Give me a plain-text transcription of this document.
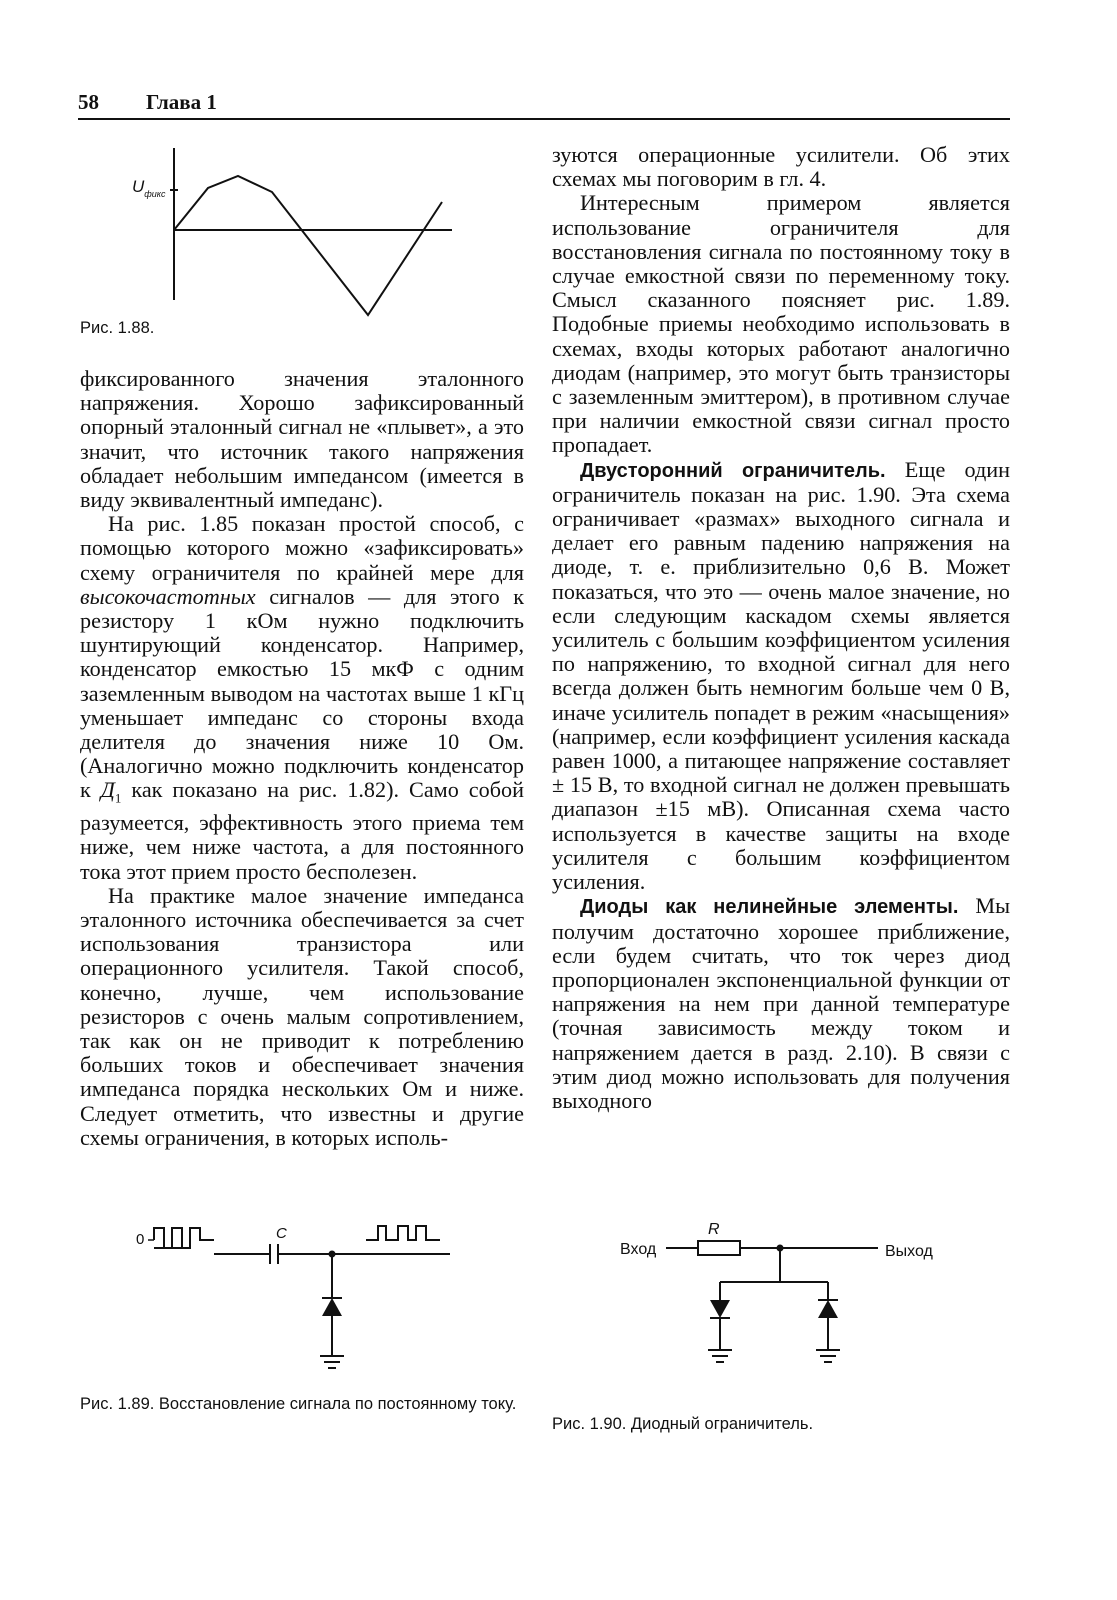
58 Глава 1
$U_{фикс}$
Рис. 1.88.

фиксированного значения эталонного напряжения. Хорошо зафиксированный опорный эталонный сигнал не «плывет», а это значит, что источник такого напряжения обладает небольшим импедансом (имеется в виду эквивалентный импеданс).

На рис. 1.85 показан простой способ, с помощью которого можно «зафиксировать» схему ограничителя по крайней мере для высокочастотных сигналов — для этого к резистору 1 кОм нужно подключить шунтирующий конденсатор. Например, конденсатор емкостью 15 мкФ с одним заземленным выводом на частотах выше 1 кГц уменьшает импеданс со стороны входа делителя до значения ниже 10 Ом. (Аналогично можно подключить конденсатор к $Д_1$ как показано на рис. 1.82). Само собой разумеется, эффективность этого приема тем ниже, чем ниже частота, а для постоянного тока этот прием просто бесполезен.

На практике малое значение импеданса эталонного источника обеспечивается за счет использования транзистора или операционного усилителя. Такой способ, конечно, лучше, чем использование резисторов с очень малым сопротивлением, так как он не приводит к потреблению больших токов и обеспечивает значения импеданса порядка нескольких Ом и ниже. Следует отметить, что известны и другие схемы ограничения, в которых исполь-

зуются операционные усилители. Об этих схемах мы поговорим в гл. 4.

Интересным примером является использование ограничителя для восстановления сигнала по постоянному току в случае емкостной связи по переменному току. Смысл сказанного поясняет рис. 1.89. Подобные приемы необходимо использовать в схемах, входы которых работают аналогично диодам (например, это могут быть транзисторы с заземленным эмиттером), в противном случае при наличии емкостной связи сигнал просто пропадает.

Двусторонний ограничитель. Еще один ограничитель показан на рис. 1.90. Эта схема ограничивает «размах» выходного сигнала и делает его равным падению напряжения на диоде, т. е. приблизительно 0,6 В. Может показаться, что это — очень малое значение, но если следующим каскадом схемы является усилитель с большим коэффициентом усиления по напряжению, то входной сигнал для него всегда должен быть немногим больше чем 0 В, иначе усилитель попадет в режим «насыщения» (например, если коэффициент усиления каскада равен 1000, а питающее напряжение составляет ± 15 В, то входной сигнал не должен превышать диапазон ±15 мВ). Описанная схема часто используется в качестве защиты на входе усилителя с большим коэффициентом усиления.

Диоды как нелинейные элементы. Мы получим достаточно хорошее приближение, если будем считать, что ток через диод пропорционален экспоненциальной функции от напряжения на нем при данной температуре (точная зависимость между током и напряжением дается в разд. 2.10). В связи с этим диод можно использовать для получения выходного

0	C
Рис. 1.89. Восстановление сигнала по постоянному току.
Вход
R
Выход
Рис. 1.90. Диодный ограничитель.
